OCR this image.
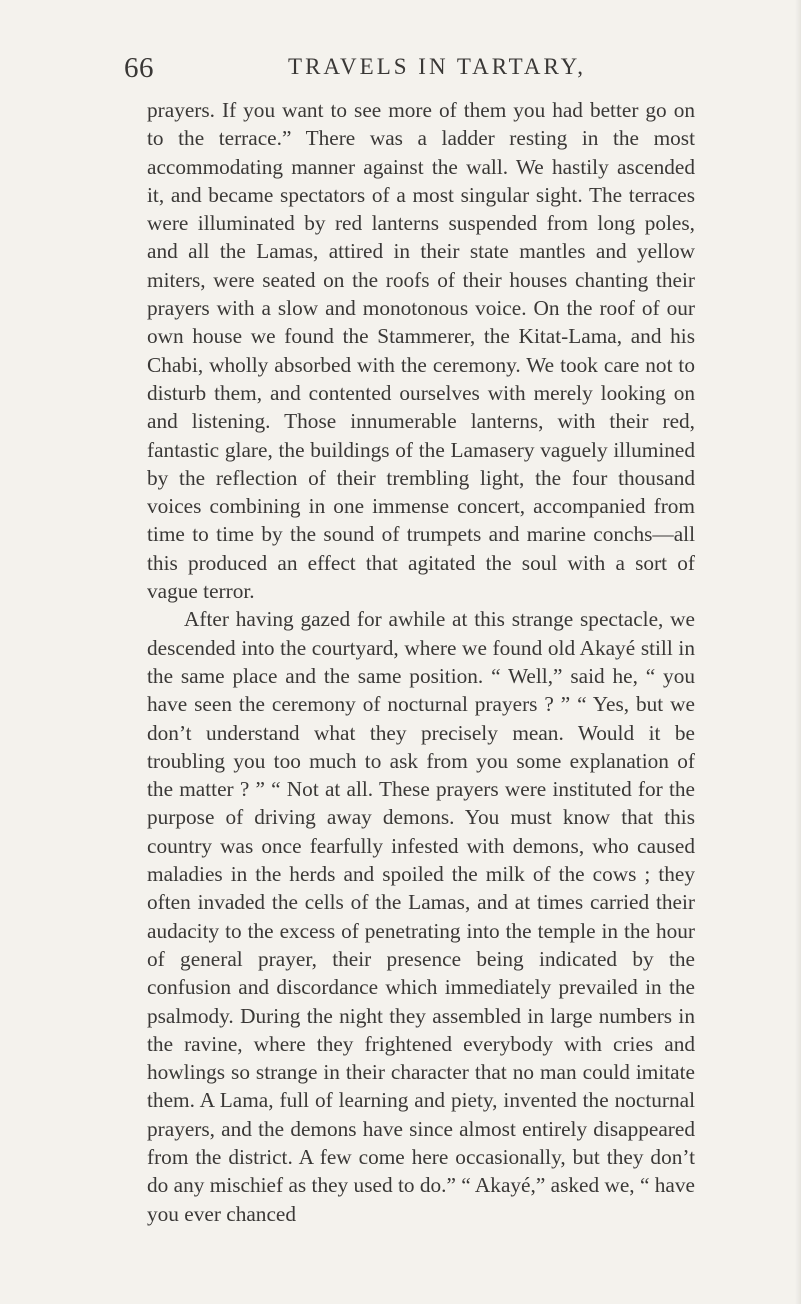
66	TRAVELS IN TARTARY,

prayers. If you want to see more of them you had better go on to the terrace.” There was a ladder resting in the most accommodating manner against the wall. We hastily ascended it, and became spectators of a most singular sight. The terraces were illuminated by red lanterns suspended from long poles, and all the Lamas, attired in their state mantles and yellow miters, were seated on the roofs of their houses chanting their prayers with a slow and monotonous voice. On the roof of our own house we found the Stammerer, the Kitat-Lama, and his Chabi, wholly absorbed with the ceremony. We took care not to disturb them, and contented ourselves with merely looking on and listening. Those innumerable lanterns, with their red, fantastic glare, the buildings of the Lamasery vaguely illumined by the reflection of their trembling light, the four thousand voices combining in one immense concert, accompanied from time to time by the sound of trumpets and marine conchs—all this produced an effect that agitated the soul with a sort of vague terror.

After having gazed for awhile at this strange spectacle, we descended into the courtyard, where we found old Akayé still in the same place and the same position. “ Well,” said he, “ you have seen the ceremony of nocturnal prayers ? ” “ Yes, but we don’t understand what they precisely mean. Would it be troubling you too much to ask from you some explanation of the matter ? ” “ Not at all. These prayers were instituted for the purpose of driving away demons. You must know that this country was once fearfully infested with demons, who caused maladies in the herds and spoiled the milk of the cows ; they often invaded the cells of the Lamas, and at times carried their audacity to the excess of penetrating into the temple in the hour of general prayer, their presence being indicated by the confusion and discordance which immediately prevailed in the psalmody. During the night they assembled in large numbers in the ravine, where they frightened everybody with cries and howlings so strange in their character that no man could imitate them. A Lama, full of learning and piety, invented the nocturnal prayers, and the demons have since almost entirely disappeared from the district. A few come here occasionally, but they don’t do any mischief as they used to do.” “ Akayé,” asked we, “ have you ever chanced
